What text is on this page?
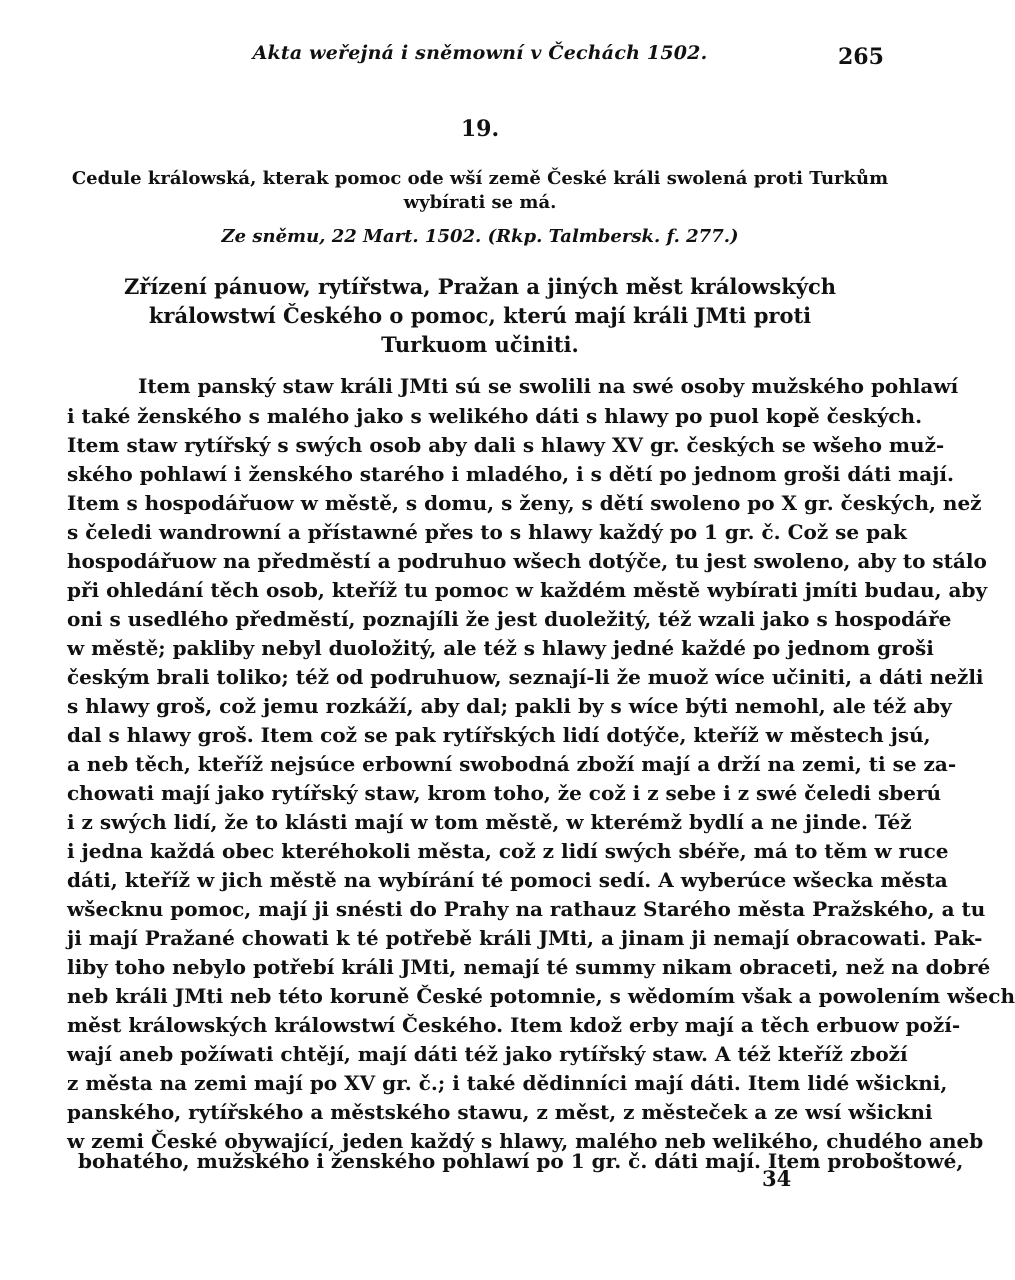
Akta weřejná i sněmowní v Čechách 1502.	265
19.
Cedule králowská, kterak pomoc ode wší země České králi swolená proti Turkům
wybírati se má.
Ze sněmu, 22 Mart. 1502. (Rkp. Talmbersk. f. 277.)
Zřízení pánuow, rytířstwa, Pražan a jiných měst králowských
králowstwí Českého o pomoc, kterú mají králi JMti proti
Turkuom učiniti.
Item panský staw králi JMti sú se swolili na swé osoby mužského pohlawí
i také ženského s malého jako s welikého dáti s hlawy po puol kopě českých.
Item staw rytířský s swých osob aby dali s hlawy XV gr. českých se wšeho muž-
ského pohlawí i ženského starého i mladého, i s dětí po jednom groši dáti mají.
Item s hospodářuow w městě, s domu, s ženy, s dětí swoleno po X gr. českých, než
s čeledi wandrowní a přístawné přes to s hlawy každý po 1 gr. č. Což se pak
hospodářuow na předměstí a podruhuo wšech dotýče, tu jest swoleno, aby to stálo
při ohledání těch osob, kteříž tu pomoc w každém městě wybírati jmíti budau, aby
oni s usedlého předměstí, poznajíli že jest duoležitý, též wzali jako s hospodáře
w městě; pakliby nebyl duoložitý, ale též s hlawy jedné každé po jednom groši
českým brali toliko; též od podruhuow, seznají-li že muož wíce učiniti, a dáti nežli
s hlawy groš, což jemu rozkáží, aby dal; pakli by s wíce býti nemohl, ale též aby
dal s hlawy groš. Item což se pak rytířských lidí dotýče, kteříž w městech jsú,
a neb těch, kteříž nejsúce erbowní swobodná zboží mají a drží na zemi, ti se za-
chowati mají jako rytířský staw, krom toho, že což i z sebe i z swé čeledi sberú
i z swých lidí, že to klásti mají w tom městě, w kterémž bydlí a ne jinde. Též
i jedna každá obec kteréhokoli města, což z lidí swých sbéře, má to těm w ruce
dáti, kteříž w jich městě na wybírání té pomoci sedí. A wyberúce wšecka města
wšecknu pomoc, mají ji snésti do Prahy na rathauz Starého města Pražského, a tu
ji mají Pražané chowati k té potřebě králi JMti, a jinam ji nemají obracowati. Pak-
liby toho nebylo potřebí králi JMti, nemají té summy nikam obraceti, než na dobré
neb králi JMti neb této koruně České potomnie, s wědomím však a powolením wšech
měst králowských králowstwí Českého. Item kdož erby mají a těch erbuow poží-
wají aneb požíwati chtějí, mají dáti též jako rytířský staw. A též kteříž zboží
z města na zemi mají po XV gr. č.; i také dědinníci mají dáti. Item lidé wšickni,
panského, rytířského a městského stawu, z měst, z městeček a ze wsí wšickni
w zemi České obywající, jeden každý s hlawy, malého neb welikého, chudého aneb
bohatého, mužského i ženského pohlawí po 1 gr. č. dáti mají. Item proboštowé,
34
